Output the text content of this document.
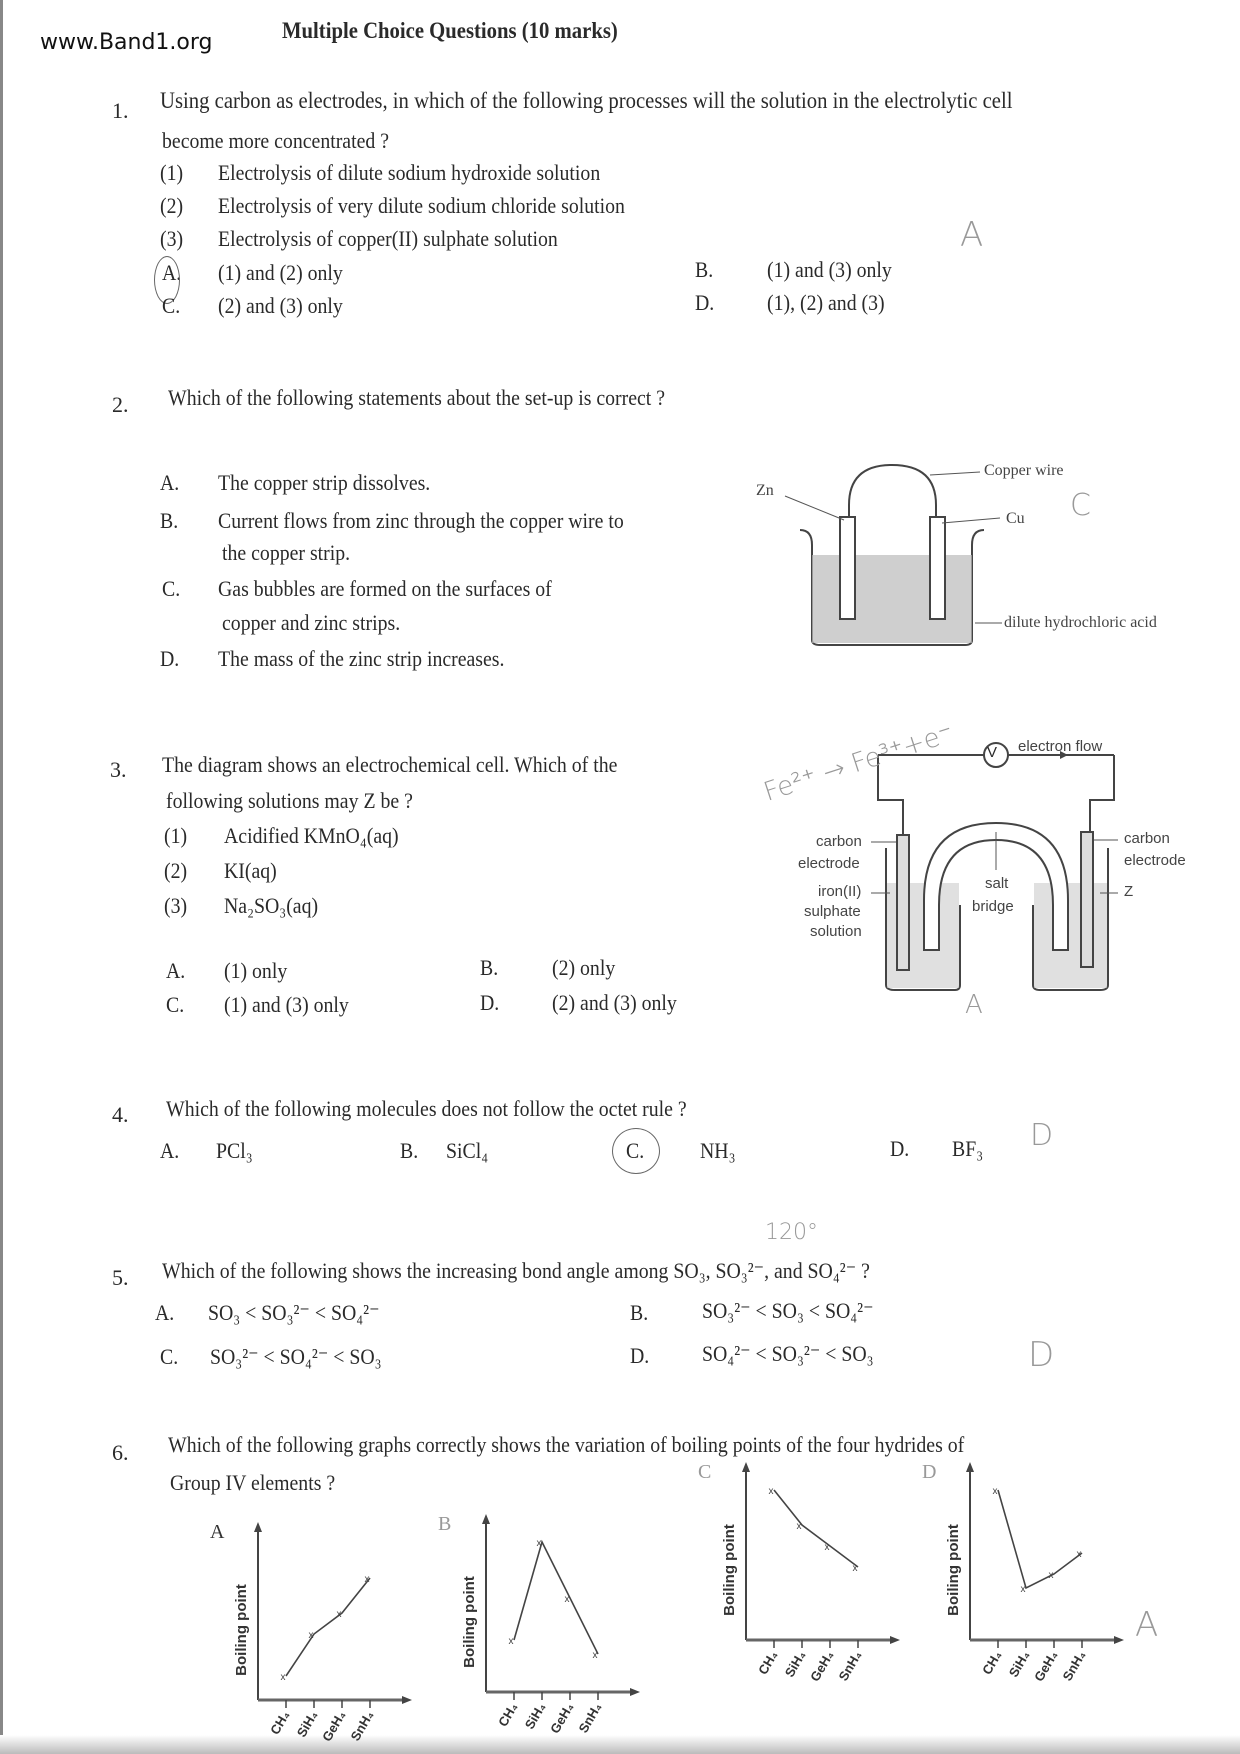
www.Band1.org	Multiple Choice Questions (10 marks)
1. Using carbon as electrodes, in which of the following processes will the solution in the electrolytic cell
become more concentrated ?
(1) Electrolysis of dilute sodium hydroxide solution
(2) Electrolysis of very dilute sodium chloride solution
(3) Electrolysis of copper(II) sulphate solution
A. (1) and (2) only	B. (1) and (3) only
C. (2) and (3) only	D. (1), (2) and (3)
A
2. Which of the following statements about the set-up is correct ?
A. The copper strip dissolves.
B. Current flows from zinc through the copper wire to
the copper strip.
C. Gas bubbles are formed on the surfaces of
copper and zinc strips.
D. The mass of the zinc strip increases.
Zn
Copper wire
Cu
dilute hydrochloric acid
C
3. The diagram shows an electrochemical cell. Which of the
following solutions may Z be ?
(1) Acidified KMnO₄(aq)
(2) KI(aq)
(3) Na₂SO₃(aq)
A. (1) only	B. (2) only
C. (1) and (3) only	D. (2) and (3) only
V electron flow
carbon
electrode
iron(II)
sulphate
solution
salt
bridge
carbon
electrode
Z
Fe²⁺ → Fe³⁺+e⁻
A
4. Which of the following molecules does not follow the octet rule ?
A. PCl₃	B. SiCl₄	C.	NH₃	D. BF₃ D
120°
5. Which of the following shows the increasing bond angle among SO₃, SO₃²⁻, and SO₄²⁻ ?
A. SO₃ < SO₃²⁻ < SO₄²⁻	B. SO₃²⁻ < SO₃ < SO₄²⁻
C. SO₃²⁻ < SO₄²⁻ < SO₃	D. SO₄²⁻ < SO₃²⁻ < SO₃	D
6. Which of the following graphs correctly shows the variation of boiling points of the four hydrides of
Group IV elements ?
A
x
CH₄
x
SiH₄
x
GeH₄
x
SnH₄
Boiling point
A
x
CH₄
x
SiH₄
x
GeH₄
x
SnH₄
Boiling point
B
x
CH₄
x
SiH₄
x
GeH₄
x
SnH₄
Boiling point
C
x
CH₄
x
SiH₄
x
GeH₄
x
SnH₄
Boiling point
D
